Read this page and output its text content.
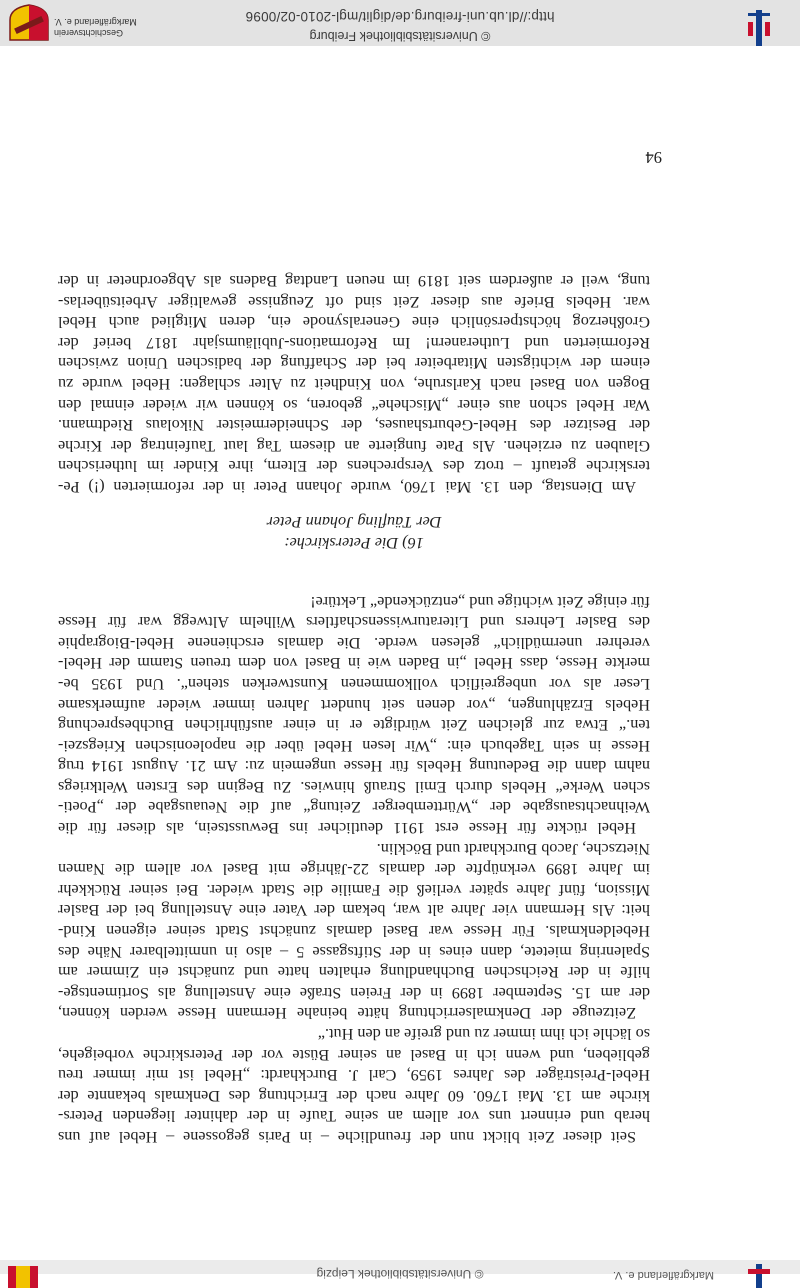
Markgräflerland e. V.
© Universitätsbibliothek Leipzig

Seit dieser Zeit blickt nun der freundliche – in Paris gegossene – Hebel auf uns
herab und erinnert uns vor allem an seine Taufe in der dahinter liegenden Peters-
kirche am 13. Mai 1760. 60 Jahre nach der Errichtung des Denkmals bekannte der
Hebel-Preisträger des Jahres 1959, Carl J. Burckhardt: „Hebel ist mir immer treu
geblieben, und wenn ich in Basel an seiner Büste vor der Peterskirche vorbeigehe,
so lächle ich ihm immer zu und greife an den Hut.“

Zeitzeuge der Denkmalserrichtung hätte beinahe Hermann Hesse werden können,
der am 15. September 1899 in der Freien Straße eine Anstellung als Sortimentsge-
hilfe in der Reichschen Buchhandlung erhalten hatte und zunächst ein Zimmer am
Spalenring mietete, dann eines in der Stiftsgasse 5 – also in unmittelbarer Nähe des
Hebeldenkmals. Für Hesse war Basel damals zunächst Stadt seiner eigenen Kind-
heit: Als Hermann vier Jahre alt war, bekam der Vater eine Anstellung bei der Basler
Mission, fünf Jahre später verließ die Familie die Stadt wieder. Bei seiner Rückkehr
im Jahre 1899 verknüpfte der damals 22-Jährige mit Basel vor allem die Namen
Nietzsche, Jacob Burckhardt und Böcklin.

Hebel rückte für Hesse erst 1911 deutlicher ins Bewusstsein, als dieser für die
Weihnachtsausgabe der „Württemberger Zeitung“ auf die Neuausgabe der „Poeti-
schen Werke“ Hebels durch Emil Strauß hinwies. Zu Beginn des Ersten Weltkriegs
nahm dann die Bedeutung Hebels für Hesse ungemein zu: Am 21. August 1914 trug
Hesse in sein Tagebuch ein: „Wir lesen Hebel über die napoleonischen Kriegszei-
ten.“ Etwa zur gleichen Zeit würdigte er in einer ausführlichen Buchbesprechung
Hebels Erzählungen, „vor denen seit hundert Jahren immer wieder aufmerksame
Leser als vor unbegreiflich vollkommenen Kunstwerken stehen“. Und 1935 be-
merkte Hesse, dass Hebel „in Baden wie in Basel von dem treuen Stamm der Hebel-
verehrer unermüdlich“ gelesen werde. Die damals erschienene Hebel-Biographie
des Basler Lehrers und Literaturwissenschaftlers Wilhelm Altwegg war für Hesse
für einige Zeit wichtige und „entzückende“ Lektüre!

16) Die Peterskirche:
Der Täufling Johann Peter

Am Dienstag, den 13. Mai 1760, wurde Johann Peter in der reformierten (!) Pe-
terskirche getauft – trotz des Versprechens der Eltern, ihre Kinder im lutherischen
Glauben zu erziehen. Als Pate fungierte an diesem Tag laut Taufeintrag der Kirche
der Besitzer des Hebel-Geburtshauses, der Schneidermeister Nikolaus Riedtmann.
War Hebel schon aus einer „Mischehe“ geboren, so können wir wieder einmal den
Bogen von Basel nach Karlsruhe, von Kindheit zu Alter schlagen: Hebel wurde zu
einem der wichtigsten Mitarbeiter bei der Schaffung der badischen Union zwischen
Reformierten und Lutheranern! Im Reformations-Jubiläumsjahr 1817 berief der
Großherzog höchstpersönlich eine Generalsynode ein, deren Mitglied auch Hebel
war. Hebels Briefe aus dieser Zeit sind oft Zeugnisse gewaltiger Arbeitsüberlas-
tung, weil er außerdem seit 1819 im neuen Landtag Badens als Abgeordneter in der

94
© Universitätsbibliothek Freiburg
http://dl.ub.uni-freiburg.de/diglit/mgl-2010-02/0096
Geschichtsverein
Markgräflerland e. V.
